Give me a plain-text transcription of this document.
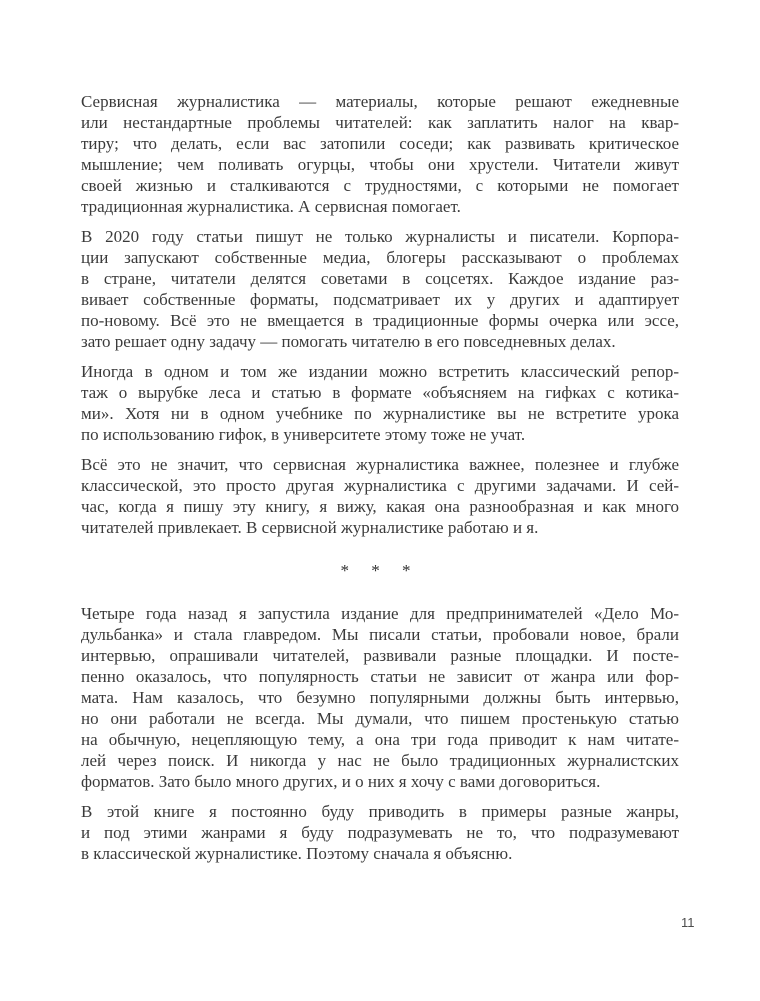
Сервисная журналистика — материалы, которые решают ежедневные
или нестандартные проблемы читателей: как заплатить налог на квар-
тиру; что делать, если вас затопили соседи; как развивать критическое
мышление; чем поливать огурцы, чтобы они хрустели. Читатели живут
своей жизнью и сталкиваются с трудностями, с которыми не помогает
традиционная журналистика. А сервисная помогает.
В 2020 году статьи пишут не только журналисты и писатели. Корпора-
ции запускают собственные медиа, блогеры рассказывают о проблемах
в стране, читатели делятся советами в соцсетях. Каждое издание раз-
вивает собственные форматы, подсматривает их у других и адаптирует
по-новому. Всё это не вмещается в традиционные формы очерка или эссе,
зато решает одну задачу — помогать читателю в его повседневных делах.
Иногда в одном и том же издании можно встретить классический репор-
таж о вырубке леса и статью в формате «объясняем на гифках с котика-
ми». Хотя ни в одном учебнике по журналистике вы не встретите урока
по использованию гифок, в университете этому тоже не учат.
Всё это не значит, что сервисная журналистика важнее, полезнее и глубже
классической, это просто другая журналистика с другими задачами. И сей-
час, когда я пишу эту книгу, я вижу, какая она разнообразная и как много
читателей привлекает. В сервисной журналистике работаю и я.
* * *
Четыре года назад я запустила издание для предпринимателей «Дело Мо-
дульбанка» и стала главредом. Мы писали статьи, пробовали новое, брали
интервью, опрашивали читателей, развивали разные площадки. И посте-
пенно оказалось, что популярность статьи не зависит от жанра или фор-
мата. Нам казалось, что безумно популярными должны быть интервью,
но они работали не всегда. Мы думали, что пишем простенькую статью
на обычную, нецепляющую тему, а она три года приводит к нам читате-
лей через поиск. И никогда у нас не было традиционных журналистских
форматов. Зато было много других, и о них я хочу с вами договориться.
В этой книге я постоянно буду приводить в примеры разные жанры,
и под этими жанрами я буду подразумевать не то, что подразумевают
в классической журналистике. Поэтому сначала я объясню.
11
